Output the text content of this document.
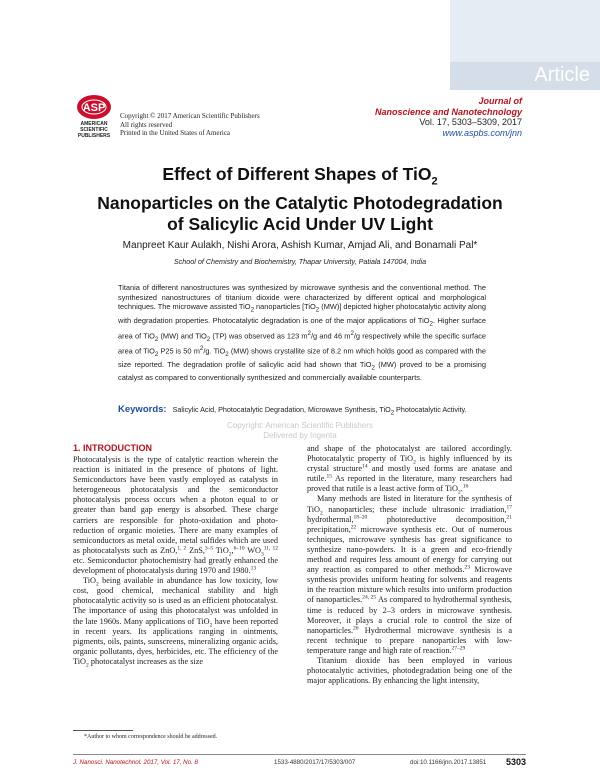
Article
ASP
AMERICAN
SCIENTIFIC
PUBLISHERS
Copyright © 2017 American Scientific Publishers
All rights reserved
Printed in the United States of America
Journal of
Nanoscience and Nanotechnology
Vol. 17, 5303–5309, 2017
www.aspbs.com/jnn
Effect of Different Shapes of TiO$_2$
Nanoparticles on the Catalytic Photodegradation
of Salicylic Acid Under UV Light
Manpreet Kaur Aulakh, Nishi Arora, Ashish Kumar, Amjad Ali, and Bonamali Pal*
School of Chemistry and Biochemistry, Thapar University, Patiala 147004, India
Titania of different nanostructures was synthesized by microwave synthesis and the conventional method. The synthesized nanostructures of titanium dioxide were characterized by different optical and morphological techniques. The microwave assisted TiO$_2$ nanoparticles [TiO$_2$ (MW)] depicted higher photocatalytic activity along with degradation properties. Photocatalytic degradation is one of the major applications of TiO$_2$. Higher surface area of TiO$_2$ (MW) and TiO$_2$ (TP) was observed as 123 $m^2/g$ and 46 $m^2/g$ respectively while the specific surface area of TiO$_2$ P25 is 50 $m^2/g$. TiO$_2$ (MW) shows crystallite size of 8.2 nm which holds good as compared with the size reported. The degradation profile of salicylic acid had shown that TiO$_2$ (MW) proved to be a promising catalyst as compared to conventionally synthesized and commercially available counterparts.
Keywords: Salicylic Acid, Photocatalytic Degradation, Microwave Synthesis, TiO$_2$ Photocatalytic Activity.
Copyright: American Scientific Publishers
Delivered by Ingenta
1. INTRODUCTION

Photocatalysis is the type of catalytic reaction wherein the reaction is initiated in the presence of photons of light. Semiconductors have been vastly employed as catalysts in heterogeneous photocatalysis and the semiconductor photocatalysis process occurs when a photon equal to or greater than band gap energy is absorbed. These charge carriers are responsible for photo-oxidation and photo-reduction of organic moieties. There are many examples of semiconductors as metal oxide, metal sulfides which are used as photocatalysts such as ZnO,$^{1, 2}$ ZnS,$^{3-5}$ TiO$_2$,$^{6-10}$ $WO_3^{11, 12}$ etc. Semiconductor photochemistry had greatly enhanced the development of photocatalysis during 1970 and 1980.13

TiO$_2$ being available in abundance has low toxicity, low cost, good chemical, mechanical stability and high photocatalytic activity so is used as an efficient photocatalyst. The importance of using this photocatalyst was unfolded in the late 1960s. Many applications of TiO$_2$ have been reported in recent years. Its applications ranging in ointments, pigments, oils, paints, sunscreens, mineralizing organic acids, organic pollutants, dyes, herbicides, etc. The efficiency of the TiO$_2$ photocatalyst increases as the size

and shape of the photocatalyst are tailored accordingly. Photocatalytic property of TiO$_2$ is highly influenced by its crystal structure$^{14}$ and mostly used forms are anatase and rutile.$^{15}$ As reported in the literature, many researchers had proved that rutile is a least active form of TiO$_2$.$^{16}$

Many methods are listed in literature for the synthesis of TiO$_2$ nanoparticles; these include ultrasonic irradiation,$^{17}$ hydrothermal,$^{18-20}$ photoreductive decomposition,$^{21}$ precipitation,$^{22}$ microwave synthesis etc. Out of numerous techniques, microwave synthesis has great significance to synthesize nano-powders. It is a green and eco-friendly method and requires less amount of energy for carrying out any reaction as compared to other methods.$^{23}$ Microwave synthesis provides uniform heating for solvents and reagents in the reaction mixture which results into uniform production of nanoparticles.$^{24, 25}$ As compared to hydrothermal synthesis, time is reduced by 2–3 orders in microwave synthesis. Moreover, it plays a crucial role to control the size of nanoparticles.$^{26}$ Hydrothermal microwave synthesis is a recent technique to prepare nanoparticles with low-temperature range and high rate of reaction.$^{27-29}$

Titanium dioxide has been employed in various photocatalytic activities, photodegradation being one of the major applications. By enhancing the light intensity,

*Author to whom correspondence should be addressed.
J. Nanosci. Nanotechnol. 2017, Vol. 17, No. 8	1533-4880/2017/17/5303/007	doi:10.1166/jnn.2017.13851 5303
